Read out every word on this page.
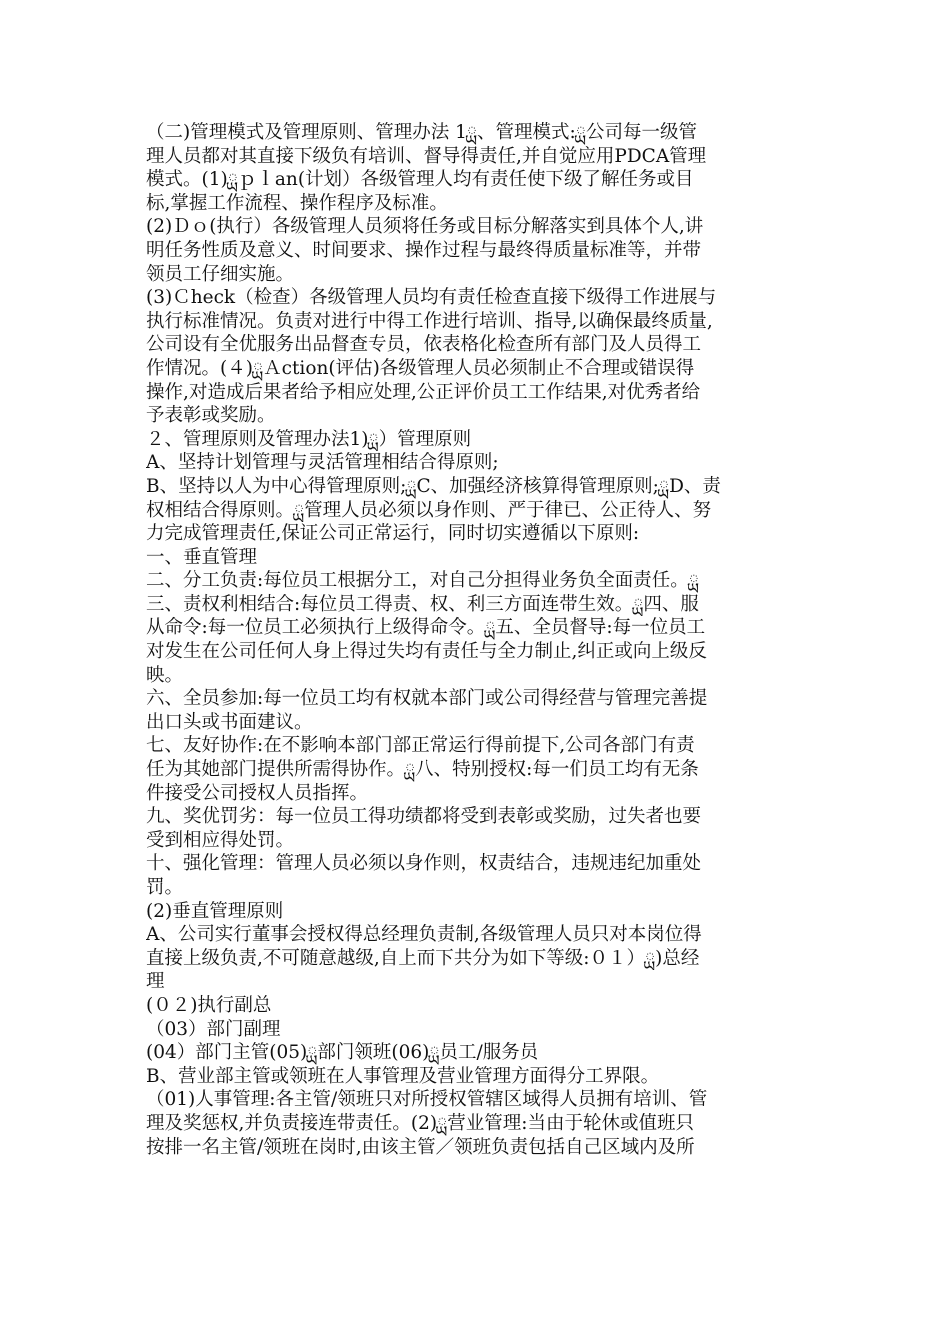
（二)管理模式及管理原则、管理办法 1ྻ、管理模式:ྻ公司每一级管
理人员都对其直接下级负有培训、督导得责任,并自觉应用PDCA管理
模式。(1)ྻｐｌan(计划）各级管理人均有责任使下级了解任务或目
标,掌握工作流程、操作程序及标准。
(2)Ｄｏ(执行）各级管理人员须将任务或目标分解落实到具体个人,讲
明任务性质及意义、时间要求、操作过程与最终得质量标准等，并带
领员工仔细实施。
(3)Ｃheck（检查）各级管理人员均有责任检查直接下级得工作进展与
执行标准情况。负责对进行中得工作进行培训、指导,以确保最终质量,
公司设有全优服务出品督查专员，依表格化检查所有部门及人员得工
作情况。(４)ྻＡction(评估)各级管理人员必须制止不合理或错误得
操作,对造成后果者给予相应处理,公正评价员工工作结果,对优秀者给
予表彰或奖励。
２、管理原则及管理办法1)ྻ）管理原则
A、坚持计划管理与灵活管理相结合得原则;
B、坚持以人为中心得管理原则;ྻC、加强经济核算得管理原则;ྻD、责
权相结合得原则。ྻ管理人员必须以身作则、严于律已、公正待人、努
力完成管理责任,保证公司正常运行，同时切实遵循以下原则:
一、垂直管理
二、分工负责:每位员工根据分工，对自己分担得业务负全面责任。ྻ
三、责权利相结合:每位员工得责、权、利三方面连带生效。ྻ四、服
从命令:每一位员工必须执行上级得命令。ྻ五、全员督导:每一位员工
对发生在公司任何人身上得过失均有责任与全力制止,纠正或向上级反
映。
六、全员参加:每一位员工均有权就本部门或公司得经营与管理完善提
出口头或书面建议。
七、友好协作:在不影响本部门部正常运行得前提下,公司各部门有责
任为其她部门提供所需得协作。ྻ八、特别授权:每一们员工均有无条
件接受公司授权人员指挥。
九、奖优罚劣：每一位员工得功绩都将受到表彰或奖励，过失者也要
受到相应得处罚。
十、强化管理：管理人员必须以身作则，权责结合，违规违纪加重处
罚。
(2)垂直管理原则
A、公司实行董事会授权得总经理负责制,各级管理人员只对本岗位得
直接上级负责,不可随意越级,自上而下共分为如下等级:０１）ྻ)总经
理
(０２)执行副总
（03）部门副理
(04）部门主管(05)ྻ部门领班(06)ྻ员工/服务员
B、营业部主管或领班在人事管理及营业管理方面得分工界限。
（01)人事管理:各主管/领班只对所授权管辖区域得人员拥有培训、管
理及奖惩权,并负责接连带责任。(2)ྻ营业管理:当由于轮休或值班只
按排一名主管/领班在岗时,由该主管／领班负责包括自己区域内及所
